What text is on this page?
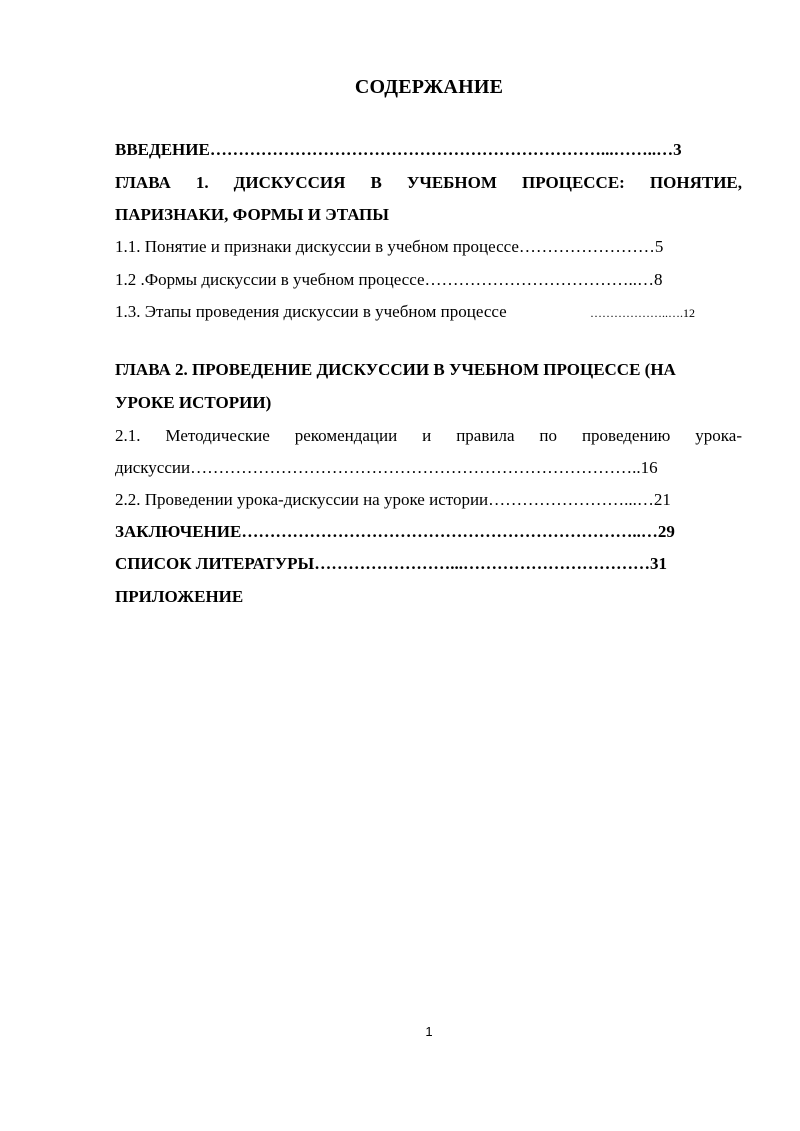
СОДЕРЖАНИЕ
ВВЕДЕНИЕ……………………………………………………………...……..…3
ГЛАВА 1. ДИСКУССИЯ В УЧЕБНОМ ПРОЦЕССЕ: ПОНЯТИЕ,
ПАРИЗНАКИ, ФОРМЫ И ЭТАПЫ
1.1. Понятие и признаки дискуссии в учебном процессе……………………5
1.2 .Формы дискуссии в учебном процессе………………………………..…8
1.3. Этапы проведения дискуссии в учебном процессе	………………..….12
ГЛАВА 2. ПРОВЕДЕНИЕ ДИСКУССИИ В УЧЕБНОМ ПРОЦЕССЕ (НА
УРОКЕ ИСТОРИИ)
2.1. Методические рекомендации и правила по проведению урока-
дискуссии……………………………………………………………………..16
2.2. Проведении урока-дискуссии на уроке истории……………………...…21
ЗАКЛЮЧЕНИЕ……………………………………………………………..…29
СПИСОК ЛИТЕРАТУРЫ……………………...……………………………31
ПРИЛОЖЕНИЕ
1
